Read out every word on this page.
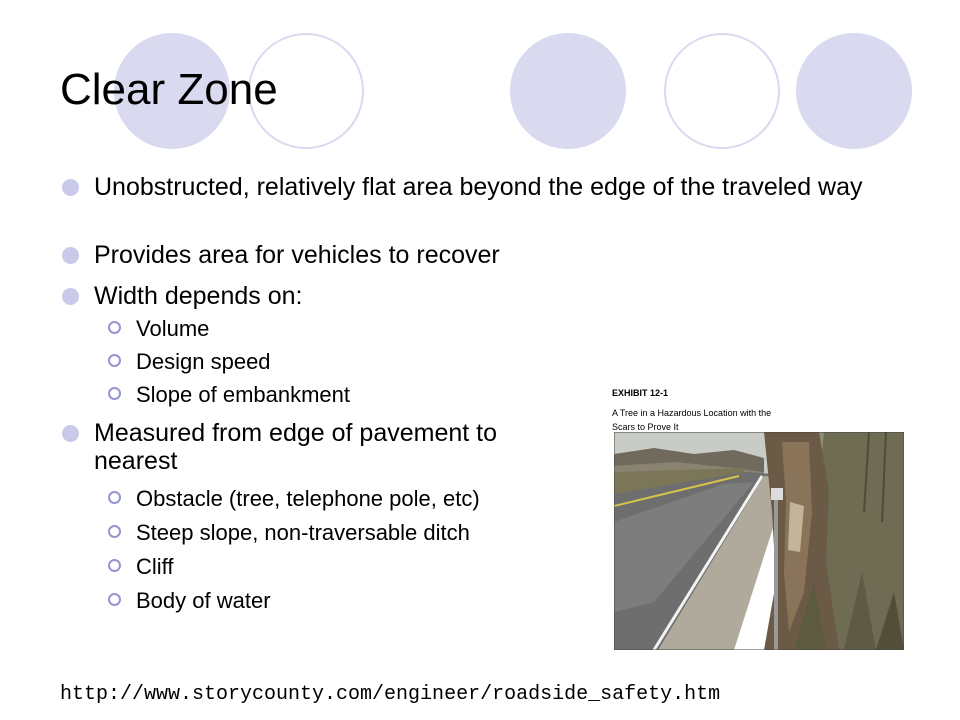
Clear Zone
Unobstructed, relatively flat area beyond the edge of the traveled way
Provides area for vehicles to recover
Width depends on:
Volume
Design speed
Slope of embankment
Measured from edge of pavement to nearest
Obstacle (tree, telephone pole, etc)
Steep slope, non-traversable ditch
Cliff
Body of water
EXHIBIT 12-1
A Tree in a Hazardous Location with the Scars to Prove It
http://www.storycounty.com/engineer/roadside_safety.htm
